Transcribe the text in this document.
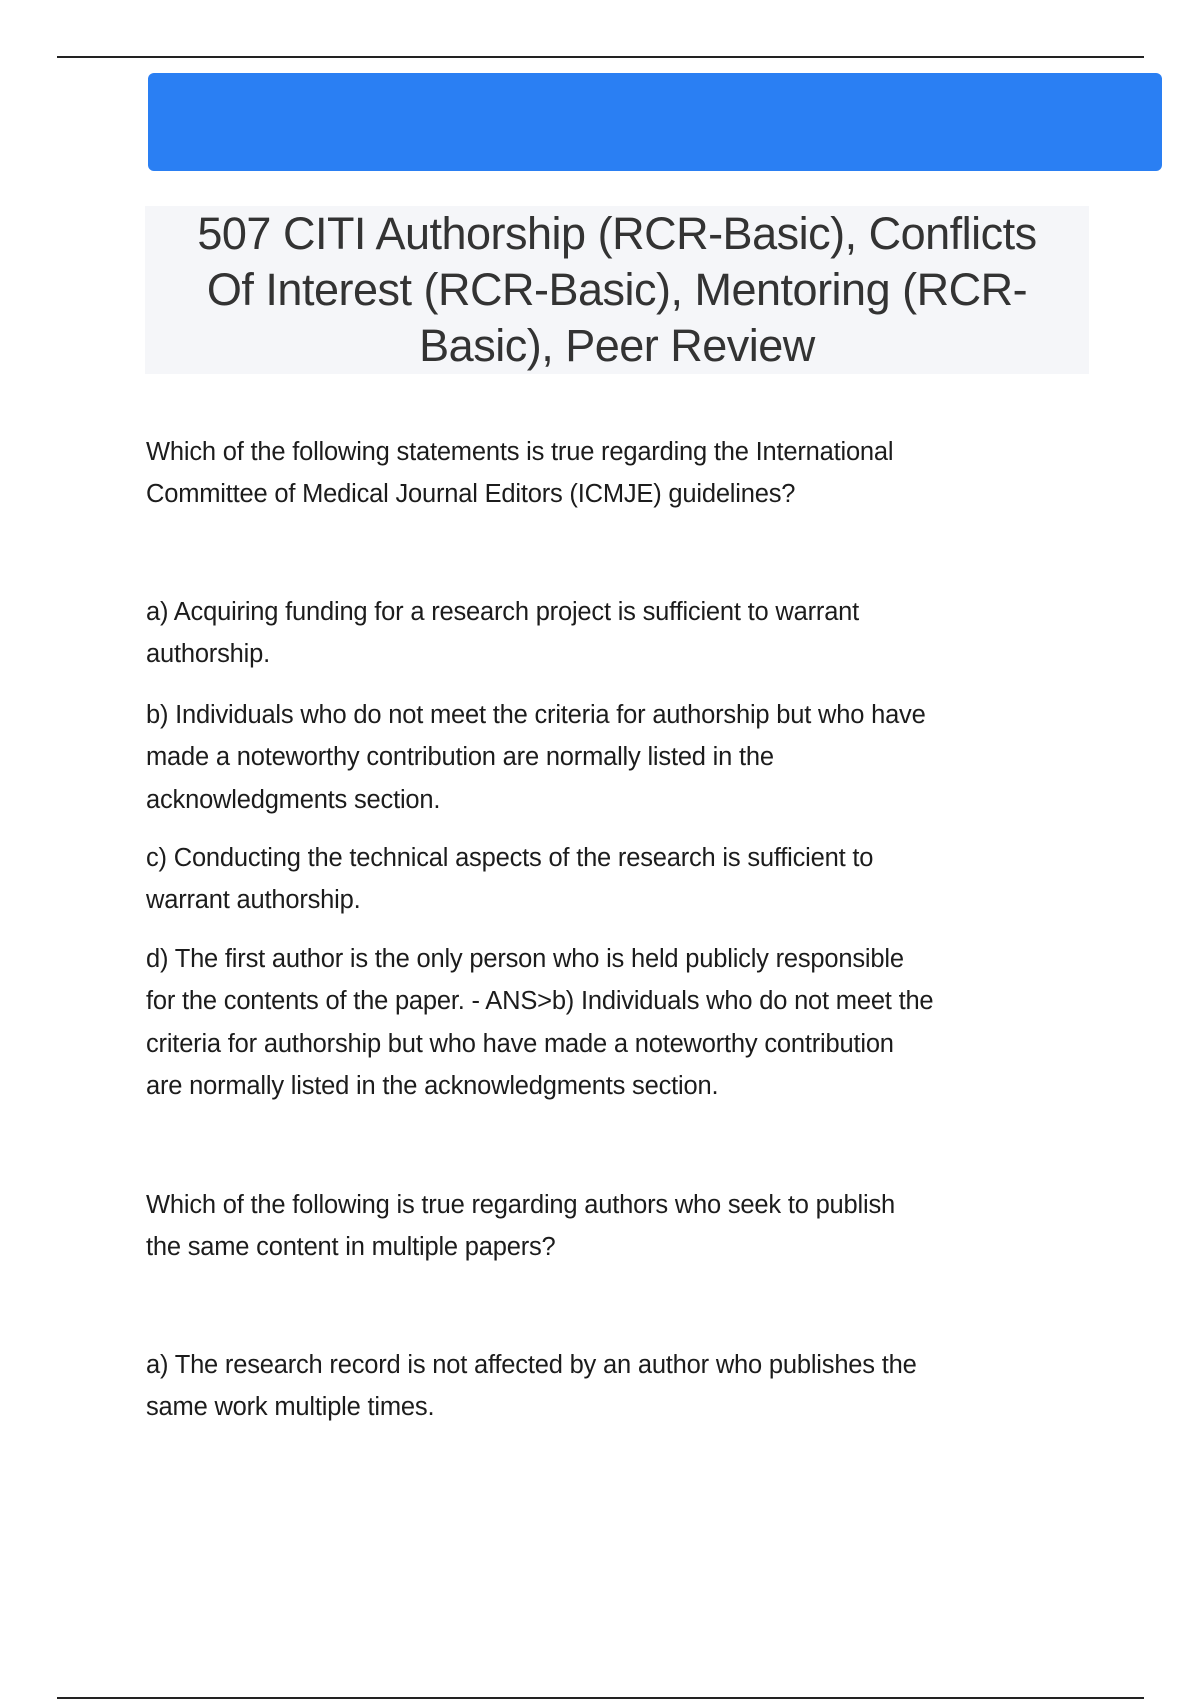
507 CITI Authorship (RCR-Basic), Conflicts
Of Interest (RCR-Basic), Mentoring (RCR-
Basic), Peer Review
Which of the following statements is true regarding the International
Committee of Medical Journal Editors (ICMJE) guidelines?
a) Acquiring funding for a research project is sufficient to warrant
authorship.
b) Individuals who do not meet the criteria for authorship but who have
made a noteworthy contribution are normally listed in the
acknowledgments section.
c) Conducting the technical aspects of the research is sufficient to
warrant authorship.
d) The first author is the only person who is held publicly responsible
for the contents of the paper. - ANS>b) Individuals who do not meet the
criteria for authorship but who have made a noteworthy contribution
are normally listed in the acknowledgments section.
Which of the following is true regarding authors who seek to publish
the same content in multiple papers?
a) The research record is not affected by an author who publishes the
same work multiple times.
